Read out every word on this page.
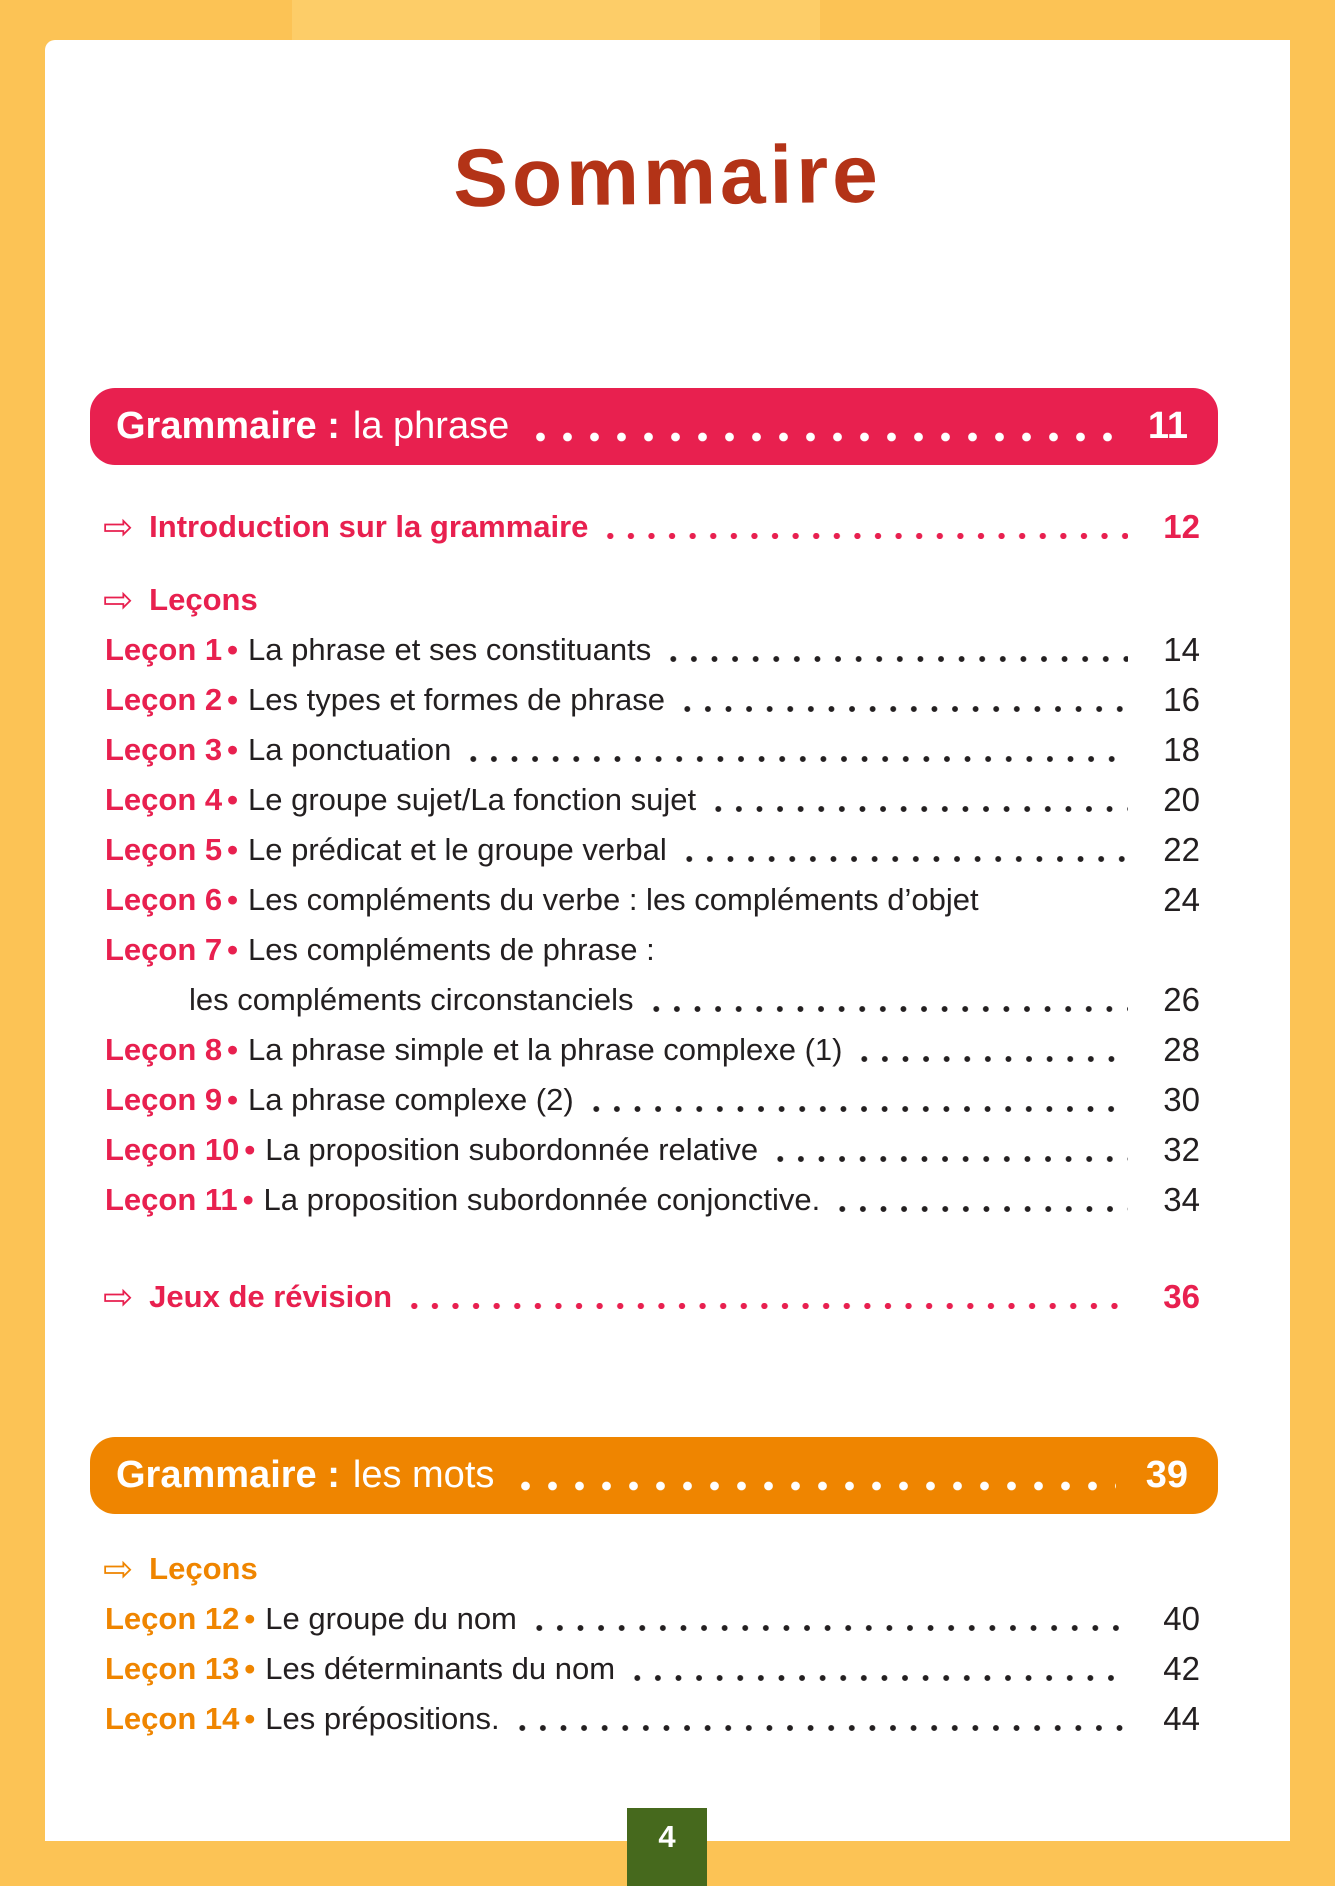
Sommaire
Grammaire : la phrase	11
⇨ Introduction sur la grammaire	12
⇨ Leçons
Leçon 1 • La phrase et ses constituants	14
Leçon 2 • Les types et formes de phrase	16
Leçon 3 • La ponctuation	18
Leçon 4 • Le groupe sujet/La fonction sujet	20
Leçon 5 • Le prédicat et le groupe verbal	22
Leçon 6 • Les compléments du verbe : les compléments d’objet	24
Leçon 7 • Les compléments de phrase :
les compléments circonstanciels	26
Leçon 8 • La phrase simple et la phrase complexe (1)	28
Leçon 9 • La phrase complexe (2)	30
Leçon 10 • La proposition subordonnée relative	32
Leçon 11 • La proposition subordonnée conjonctive.	34
⇨ Jeux de révision	36
Grammaire : les mots	39
⇨ Leçons
Leçon 12 • Le groupe du nom	40
Leçon 13 • Les déterminants du nom	42
Leçon 14 • Les prépositions.	44
4
